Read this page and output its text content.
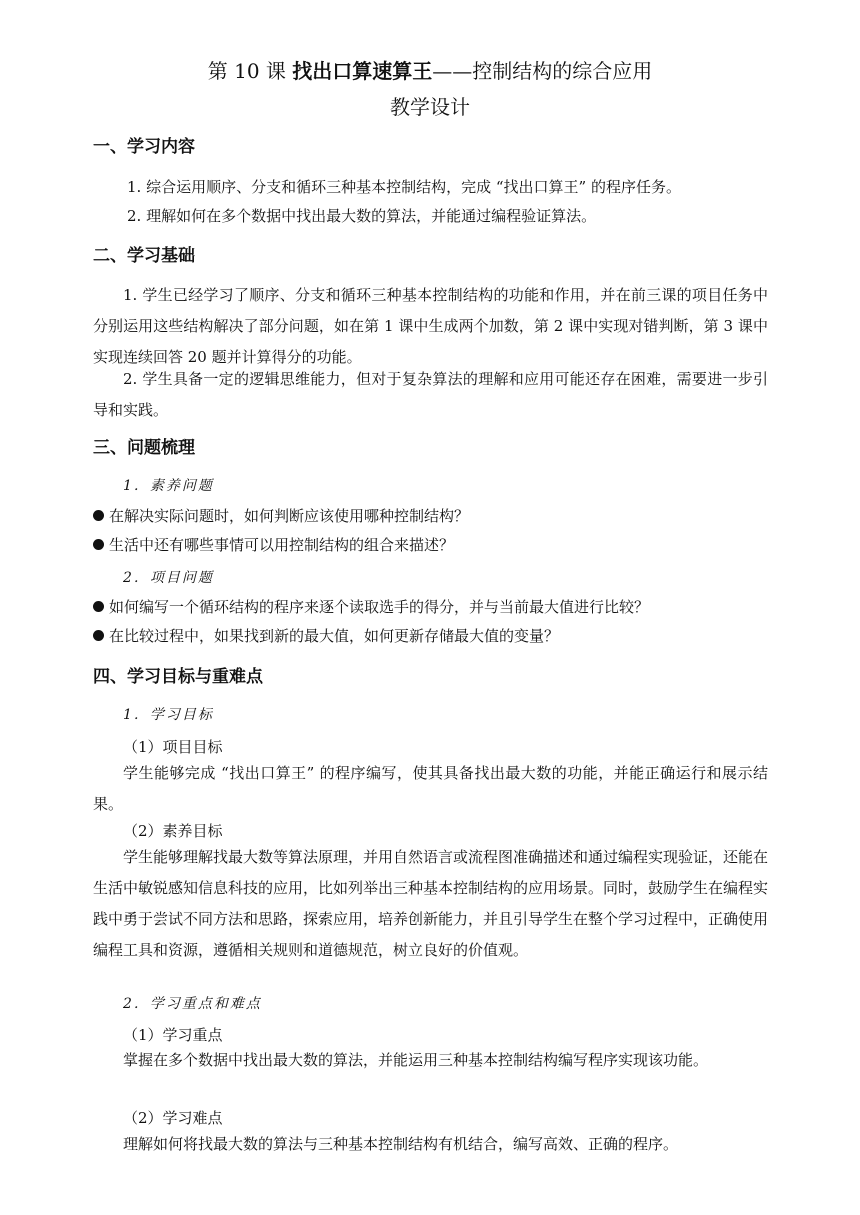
第 10 课 找出口算速算王——控制结构的综合应用
教学设计
一、学习内容
1. 综合运用顺序、分支和循环三种基本控制结构，完成 “找出口算王” 的程序任务。
2. 理解如何在多个数据中找出最大数的算法，并能通过编程验证算法。
二、学习基础

1. 学生已经学习了顺序、分支和循环三种基本控制结构的功能和作用，并在前三课的项目任务中分别运用这些结构解决了部分问题，如在第 1 课中生成两个加数，第 2 课中实现对错判断，第 3 课中实现连续回答 20 题并计算得分的功能。

2. 学生具备一定的逻辑思维能力，但对于复杂算法的理解和应用可能还存在困难，需要进一步引导和实践。

三、问题梳理
1．素养问题
在解决实际问题时，如何判断应该使用哪种控制结构？
生活中还有哪些事情可以用控制结构的组合来描述？
2．项目问题
如何编写一个循环结构的程序来逐个读取选手的得分，并与当前最大值进行比较？
在比较过程中，如果找到新的最大值，如何更新存储最大值的变量？
四、学习目标与重难点
1．学习目标
（1）项目目标

学生能够完成 “找出口算王” 的程序编写，使其具备找出最大数的功能，并能正确运行和展示结果。

（2）素养目标

学生能够理解找最大数等算法原理，并用自然语言或流程图准确描述和通过编程实现验证，还能在生活中敏锐感知信息科技的应用，比如列举出三种基本控制结构的应用场景。同时，鼓励学生在编程实践中勇于尝试不同方法和思路，探索应用，培养创新能力，并且引导学生在整个学习过程中，正确使用编程工具和资源，遵循相关规则和道德规范，树立良好的价值观。

2．学习重点和难点
（1）学习重点

掌握在多个数据中找出最大数的算法，并能运用三种基本控制结构编写程序实现该功能。

（2）学习难点

理解如何将找最大数的算法与三种基本控制结构有机结合，编写高效、正确的程序。
